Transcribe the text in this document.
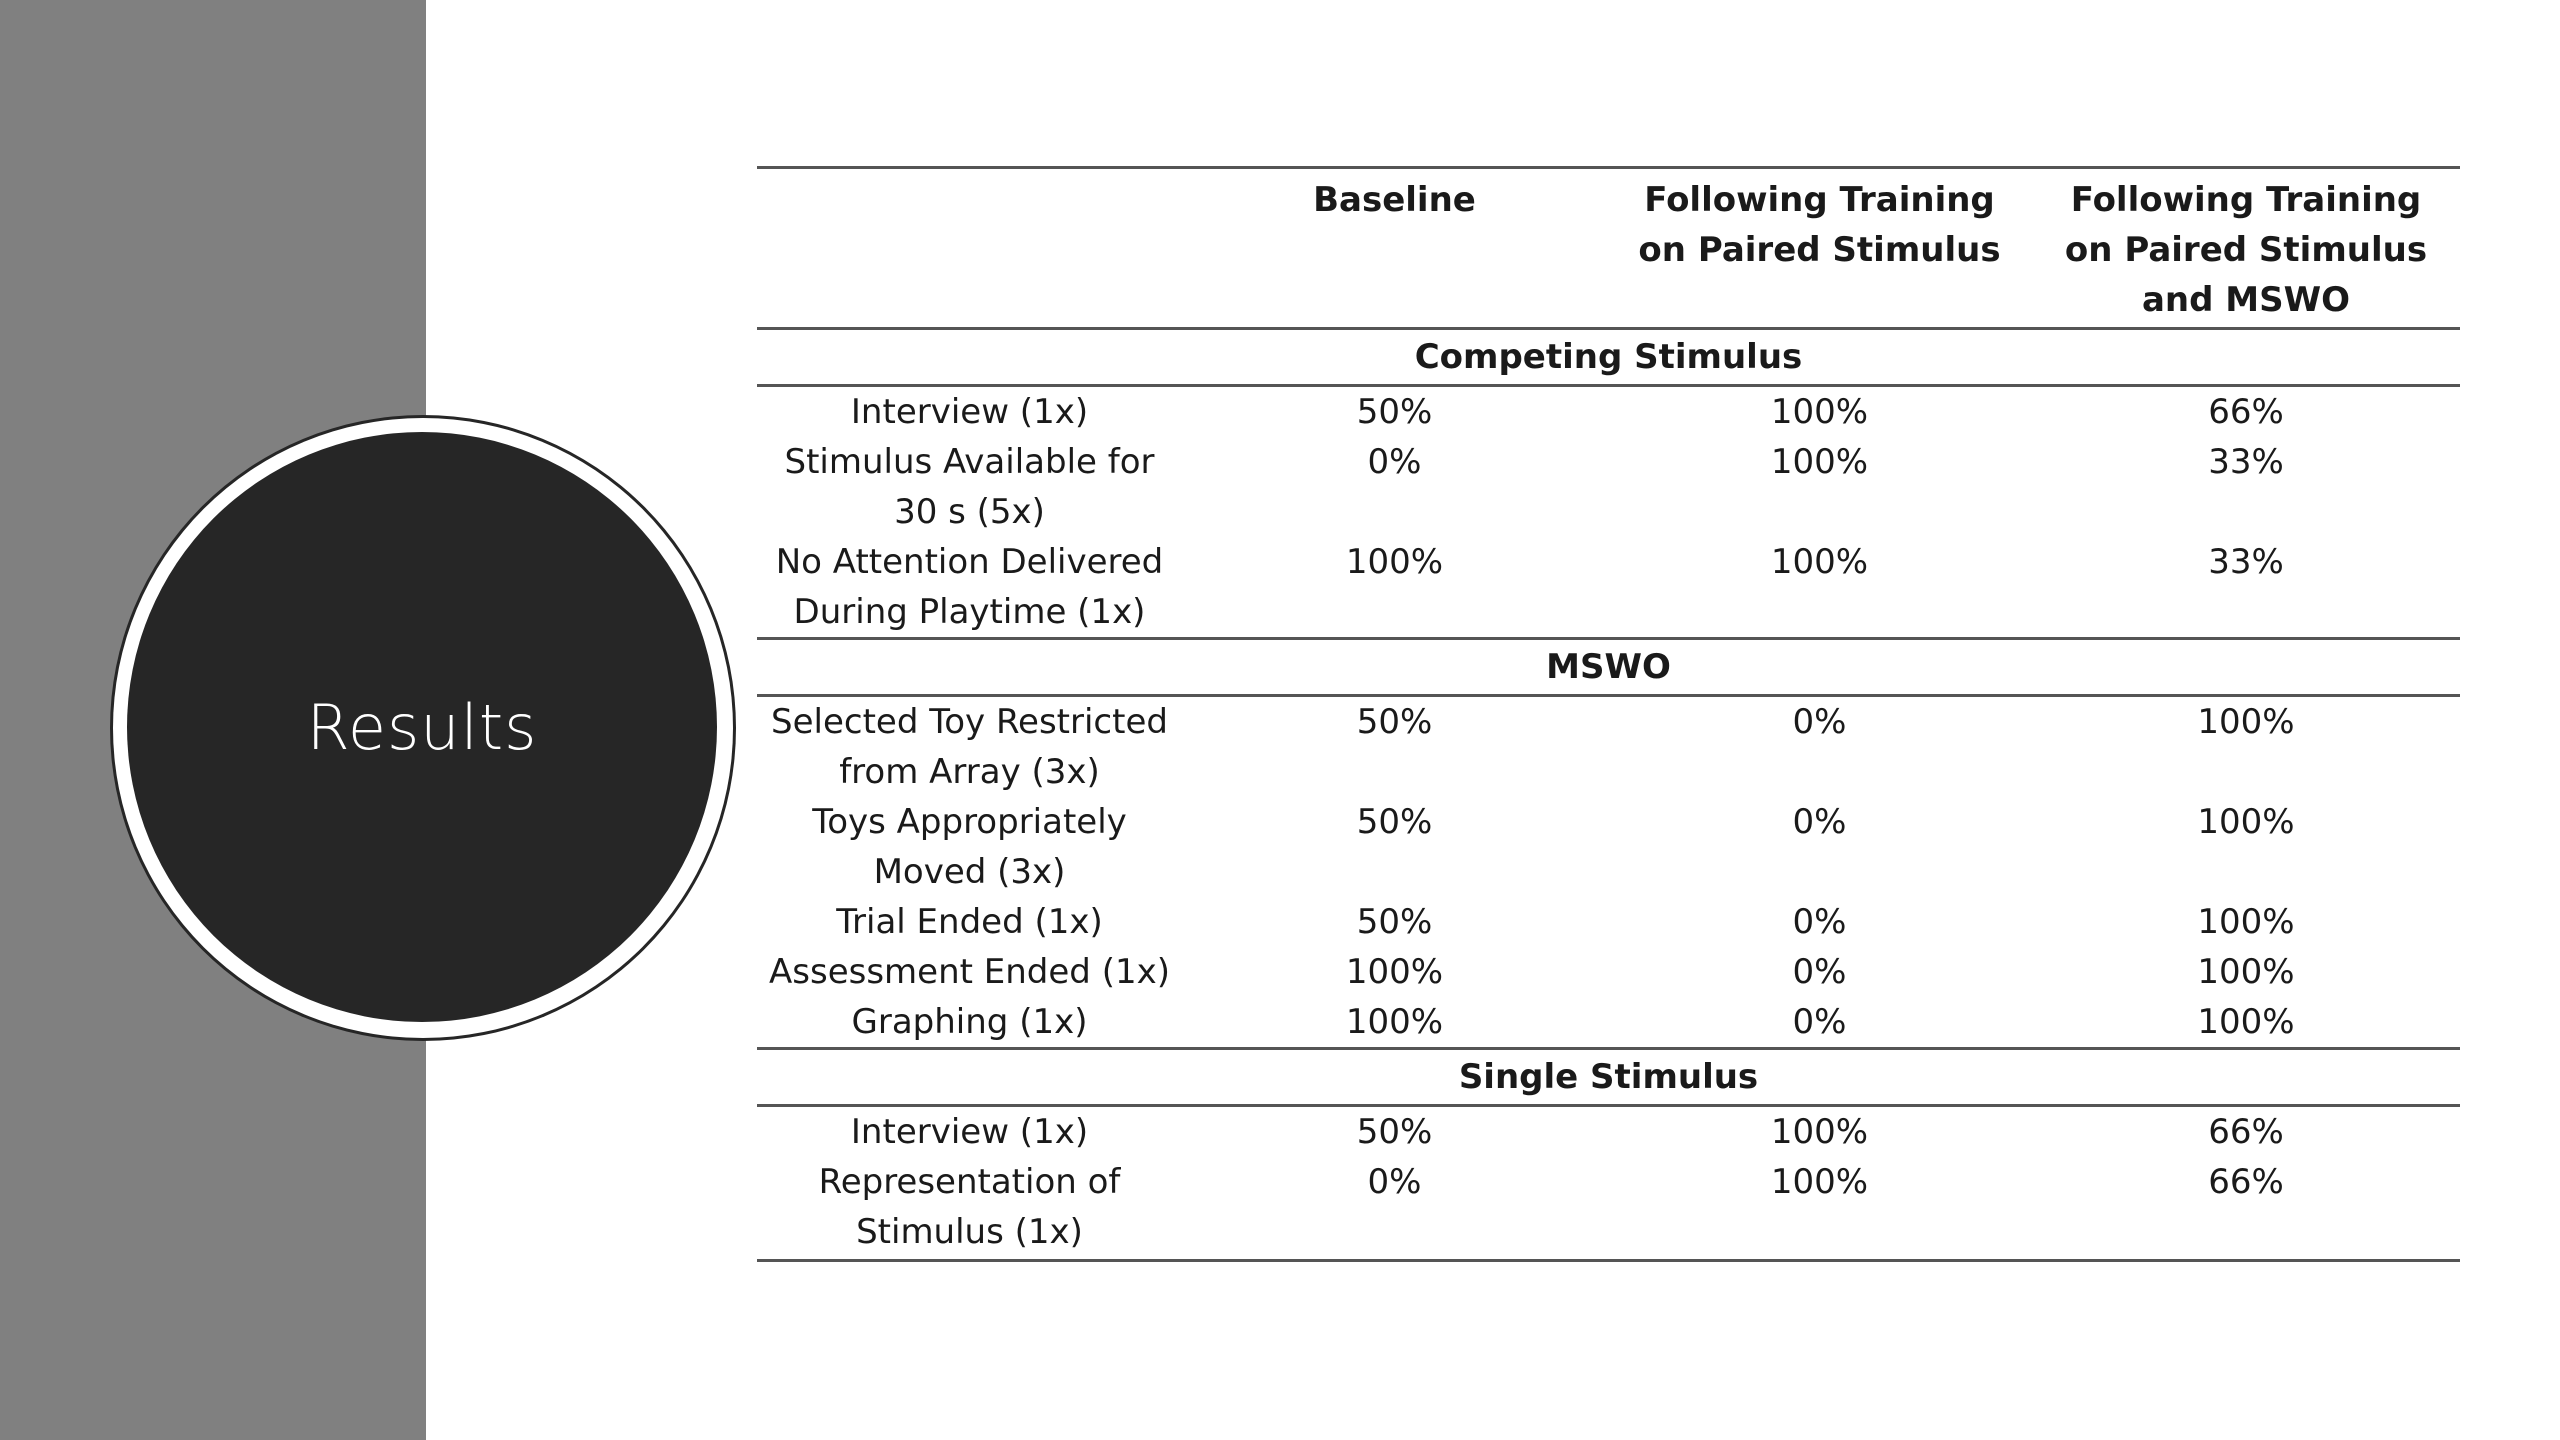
Results
	Baseline	Following Training on Paired Stimulus	Following Training on Paired Stimulus and MSWO
Competing Stimulus			
Interview (1x)	50%	100%	66%
Stimulus Available for 30 s (5x)	0%	100%	33%
No Attention Delivered During Playtime (1x)	100%	100%	33%
MSWO			
Selected Toy Restricted from Array (3x)	50%	0%	100%
Toys Appropriately Moved (3x)	50%	0%	100%
Trial Ended (1x)	50%	0%	100%
Assessment Ended (1x)	100%	0%	100%
Graphing (1x)	100%	0%	100%
Single Stimulus			
Interview (1x)	50%	100%	66%
Representation of Stimulus (1x)	0%	100%	66%
